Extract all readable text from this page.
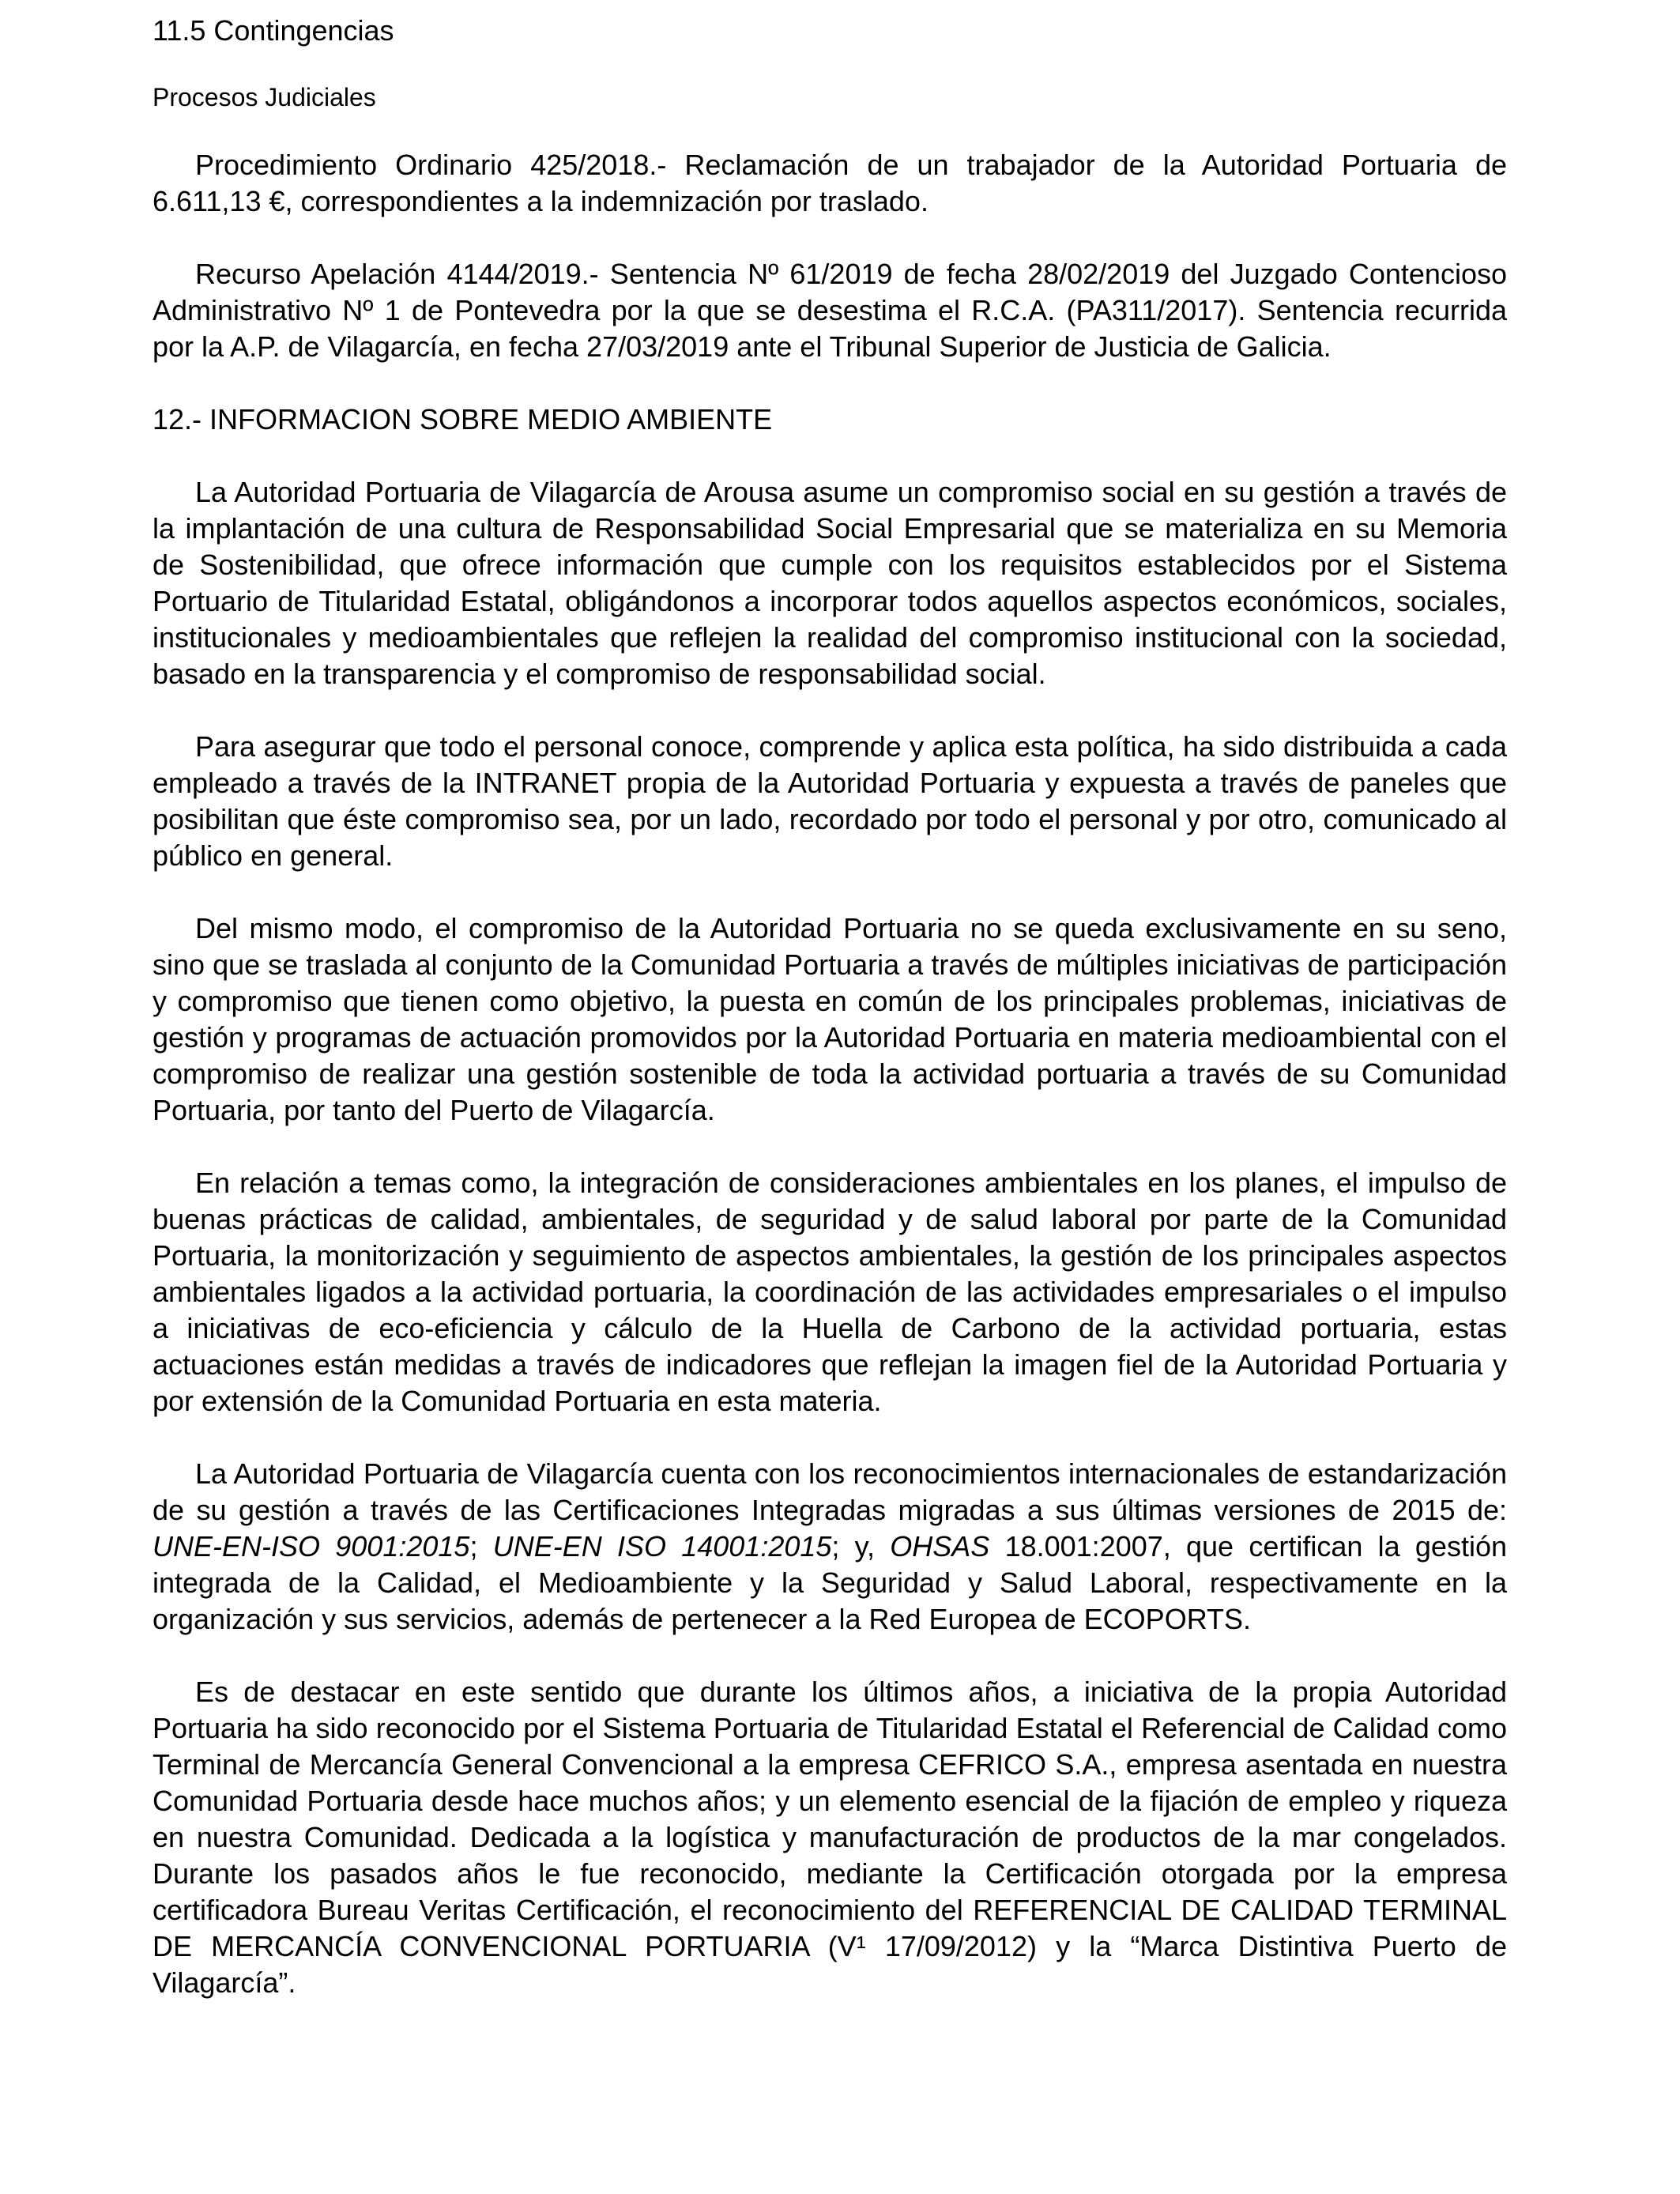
11.5 Contingencias
Procesos Judiciales

Procedimiento Ordinario 425/2018.- Reclamación de un trabajador de la Autoridad Portuaria de 6.611,13 €, correspondientes a la indemnización por traslado.

Recurso Apelación 4144/2019.- Sentencia Nº 61/2019 de fecha 28/02/2019 del Juzgado Contencioso Administrativo Nº 1 de Pontevedra por la que se desestima el R.C.A. (PA311/2017). Sentencia recurrida por la A.P. de Vilagarcía, en fecha 27/03/2019 ante el Tribunal Superior de Justicia de Galicia.

12.- INFORMACION SOBRE MEDIO AMBIENTE

La Autoridad Portuaria de Vilagarcía de Arousa asume un compromiso social en su gestión a través de la implantación de una cultura de Responsabilidad Social Empresarial que se materializa en su Memoria de Sostenibilidad, que ofrece información que cumple con los requisitos establecidos por el Sistema Portuario de Titularidad Estatal, obligándonos a incorporar todos aquellos aspectos económicos, sociales, institucionales y medioambientales que reflejen la realidad del compromiso institucional con la sociedad, basado en la transparencia y el compromiso de responsabilidad social.

Para asegurar que todo el personal conoce, comprende y aplica esta política, ha sido distribuida a cada empleado a través de la INTRANET propia de la Autoridad Portuaria y expuesta a través de paneles que posibilitan que éste compromiso sea, por un lado, recordado por todo el personal y por otro, comunicado al público en general.

Del mismo modo, el compromiso de la Autoridad Portuaria no se queda exclusivamente en su seno, sino que se traslada al conjunto de la Comunidad Portuaria a través de múltiples iniciativas de participación y compromiso que tienen como objetivo, la puesta en común de los principales problemas, iniciativas de gestión y programas de actuación promovidos por la Autoridad Portuaria en materia medioambiental con el compromiso de realizar una gestión sostenible de toda la actividad portuaria a través de su Comunidad Portuaria, por tanto del Puerto de Vilagarcía.

En relación a temas como, la integración de consideraciones ambientales en los planes, el impulso de buenas prácticas de calidad, ambientales, de seguridad y de salud laboral por parte de la Comunidad Portuaria, la monitorización y seguimiento de aspectos ambientales, la gestión de los principales aspectos ambientales ligados a la actividad portuaria, la coordinación de las actividades empresariales o el impulso a iniciativas de eco-eficiencia y cálculo de la Huella de Carbono de la actividad portuaria, estas actuaciones están medidas a través de indicadores que reflejan la imagen fiel de la Autoridad Portuaria y por extensión de la Comunidad Portuaria en esta materia.

La Autoridad Portuaria de Vilagarcía cuenta con los reconocimientos internacionales de estandarización de su gestión a través de las Certificaciones Integradas migradas a sus últimas versiones de 2015 de: UNE-EN-ISO 9001:2015; UNE-EN ISO 14001:2015; y, OHSAS 18.001:2007, que certifican la gestión integrada de la Calidad, el Medioambiente y la Seguridad y Salud Laboral, respectivamente en la organización y sus servicios, además de pertenecer a la Red Europea de ECOPORTS.

Es de destacar en este sentido que durante los últimos años, a iniciativa de la propia Autoridad Portuaria ha sido reconocido por el Sistema Portuaria de Titularidad Estatal el Referencial de Calidad como Terminal de Mercancía General Convencional a la empresa CEFRICO S.A., empresa asentada en nuestra Comunidad Portuaria desde hace muchos años; y un elemento esencial de la fijación de empleo y riqueza en nuestra Comunidad. Dedicada a la logística y manufacturación de productos de la mar congelados. Durante los pasados años le fue reconocido, mediante la Certificación otorgada por la empresa certificadora Bureau Veritas Certificación, el reconocimiento del REFERENCIAL DE CALIDAD TERMINAL DE MERCANCÍA CONVENCIONAL PORTUARIA (V¹ 17/09/2012) y la “Marca Distintiva Puerto de Vilagarcía”.
